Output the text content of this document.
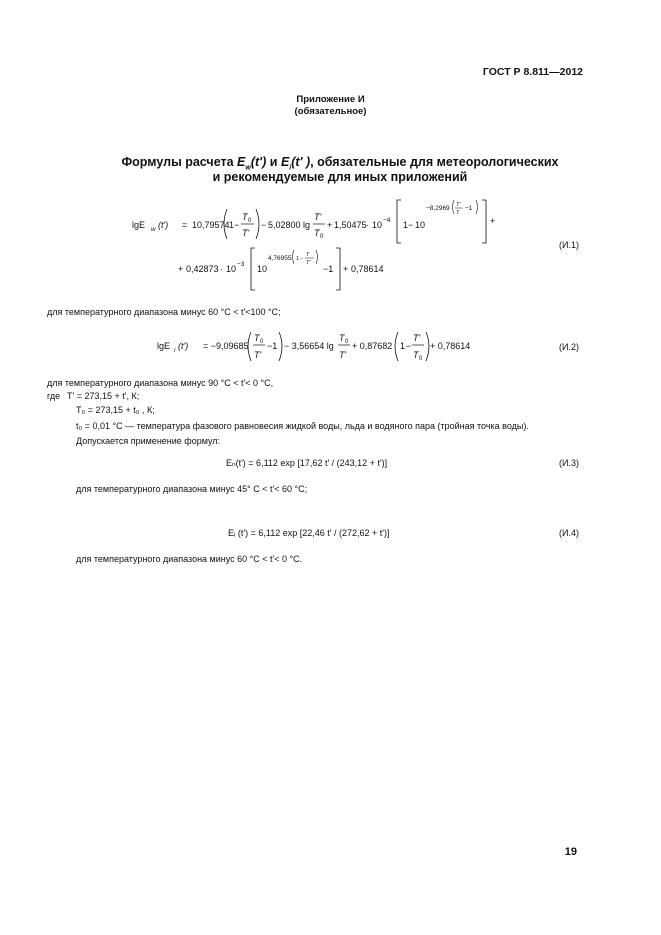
ГОСТ Р 8.811—2012
Приложение И
(обязательное)
Формулы расчета $E_w(t')$ и $E_i(t'$ ), обязательные для метеорологических
и рекомендуемые для иных приложений
lgE w (t') = 10,79574 1 −
T 0
T'
− 5,02800 lg
T'
T 0
+ 1,50475 · 10 −4 1 − 10
−8,2969 T'
T
−1
+
+ 0,42873 · 10 −3 10
4,76955 1 −
T
T'
−1 + 0,78614
(И.1)
для температурного диапазона минус 60 °С < t'<100 °С;
lgE i (t') = −9,09685
T 0
T'
−1 − 3,56654 lg
T 0
T'
+ 0,87682 1 −
T'
T 0
+ 0,78614	(И.2)
для температурного диапазона минус 90 °С < t'< 0 °С,
где T' = 273,15 + t', К;
T₀ = 273,15 + t₀ , К;
t₀ = 0,01 °С — температура фазового равновесия жидкой воды, льда и водяного пара (тройная точка воды).
Допускается применение формул:
Eₙ(t') = 6,112 exp [17,62 t' / (243,12 + t')]	(И.3)
для температурного диапазона минус 45° С < t'< 60 °С;
Eᵢ (t') = 6,112 exp [22,46 t' / (272,62 + t')]	(И.4)
для температурного диапазона минус 60 °С < t'< 0 °С.
19
